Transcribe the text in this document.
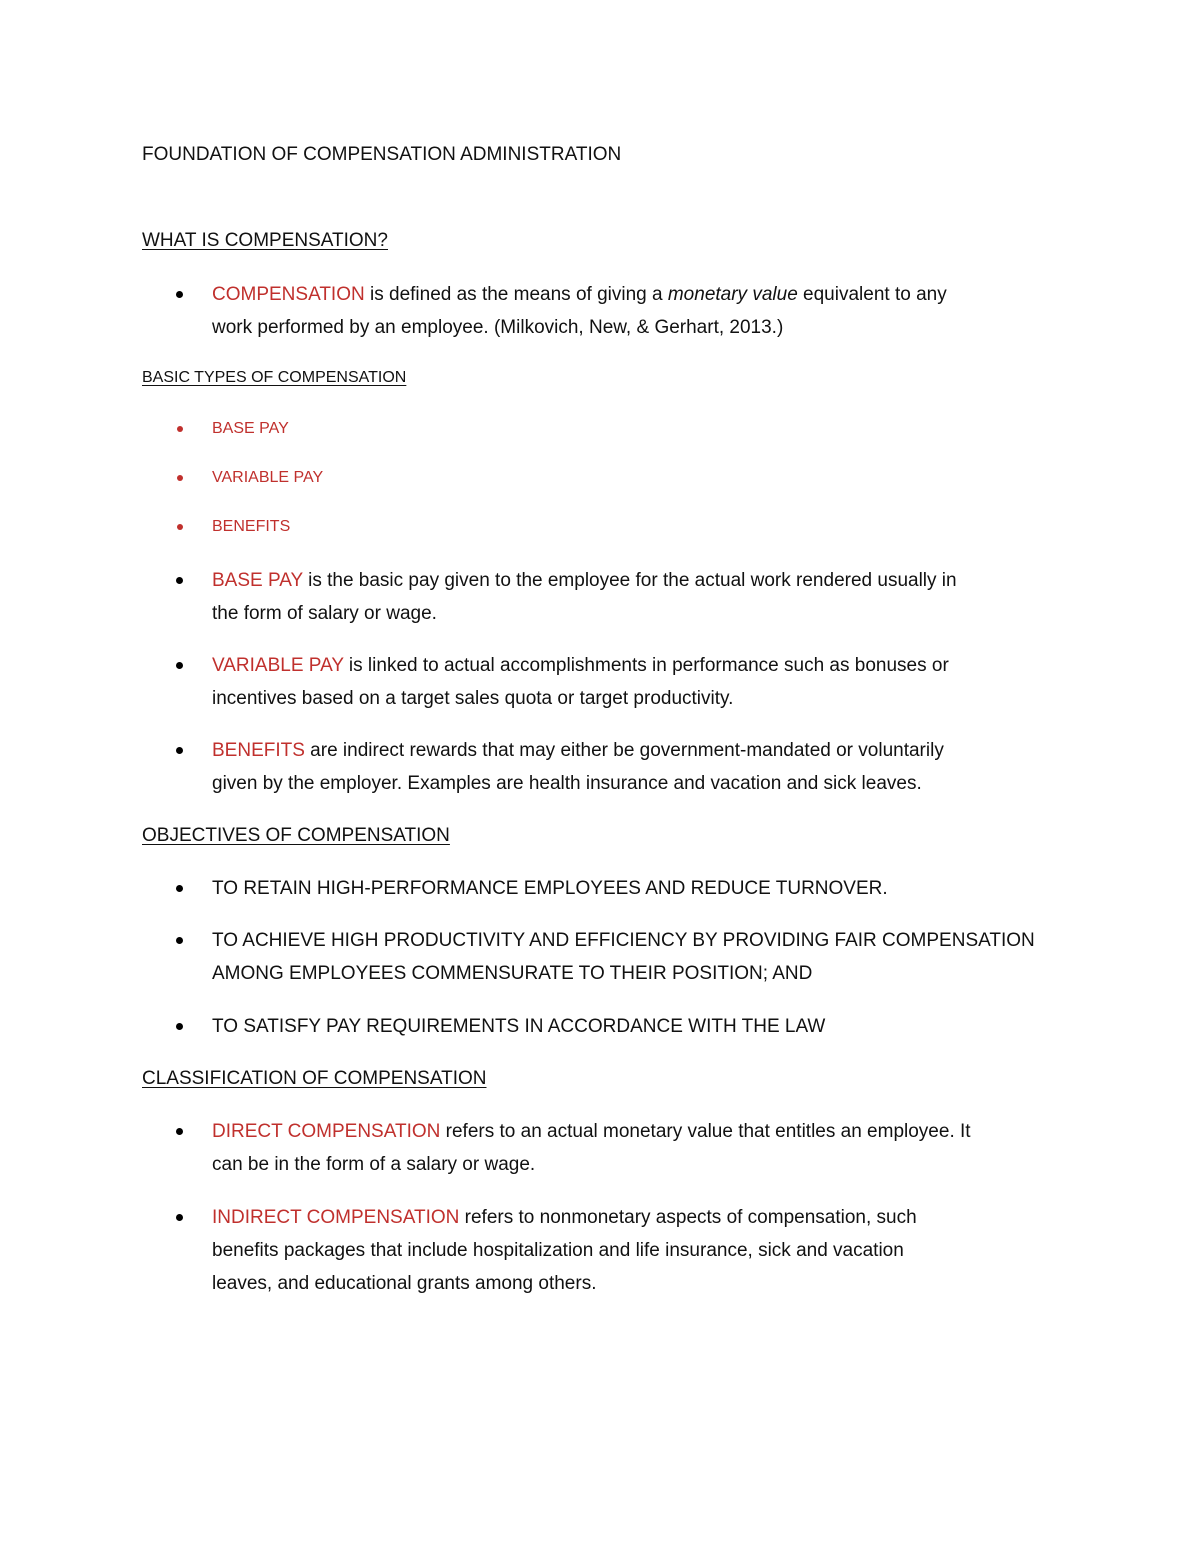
FOUNDATION OF COMPENSATION ADMINISTRATION
WHAT IS COMPENSATION?
COMPENSATION is defined as the means of giving a monetary value equivalent to any
work performed by an employee. (Milkovich, New, & Gerhart, 2013.)
BASIC TYPES OF COMPENSATION
BASE PAY
VARIABLE PAY
BENEFITS
BASE PAY is the basic pay given to the employee for the actual work rendered usually in
the form of salary or wage.
VARIABLE PAY is linked to actual accomplishments in performance such as bonuses or
incentives based on a target sales quota or target productivity.
BENEFITS are indirect rewards that may either be government-mandated or voluntarily
given by the employer. Examples are health insurance and vacation and sick leaves.
OBJECTIVES OF COMPENSATION
TO RETAIN HIGH-PERFORMANCE EMPLOYEES AND REDUCE TURNOVER.
TO ACHIEVE HIGH PRODUCTIVITY AND EFFICIENCY BY PROVIDING FAIR COMPENSATION
AMONG EMPLOYEES COMMENSURATE TO THEIR POSITION; AND
TO SATISFY PAY REQUIREMENTS IN ACCORDANCE WITH THE LAW
CLASSIFICATION OF COMPENSATION
DIRECT COMPENSATION refers to an actual monetary value that entitles an employee. It
can be in the form of a salary or wage.
INDIRECT COMPENSATION refers to nonmonetary aspects of compensation, such
benefits packages that include hospitalization and life insurance, sick and vacation
leaves, and educational grants among others.
